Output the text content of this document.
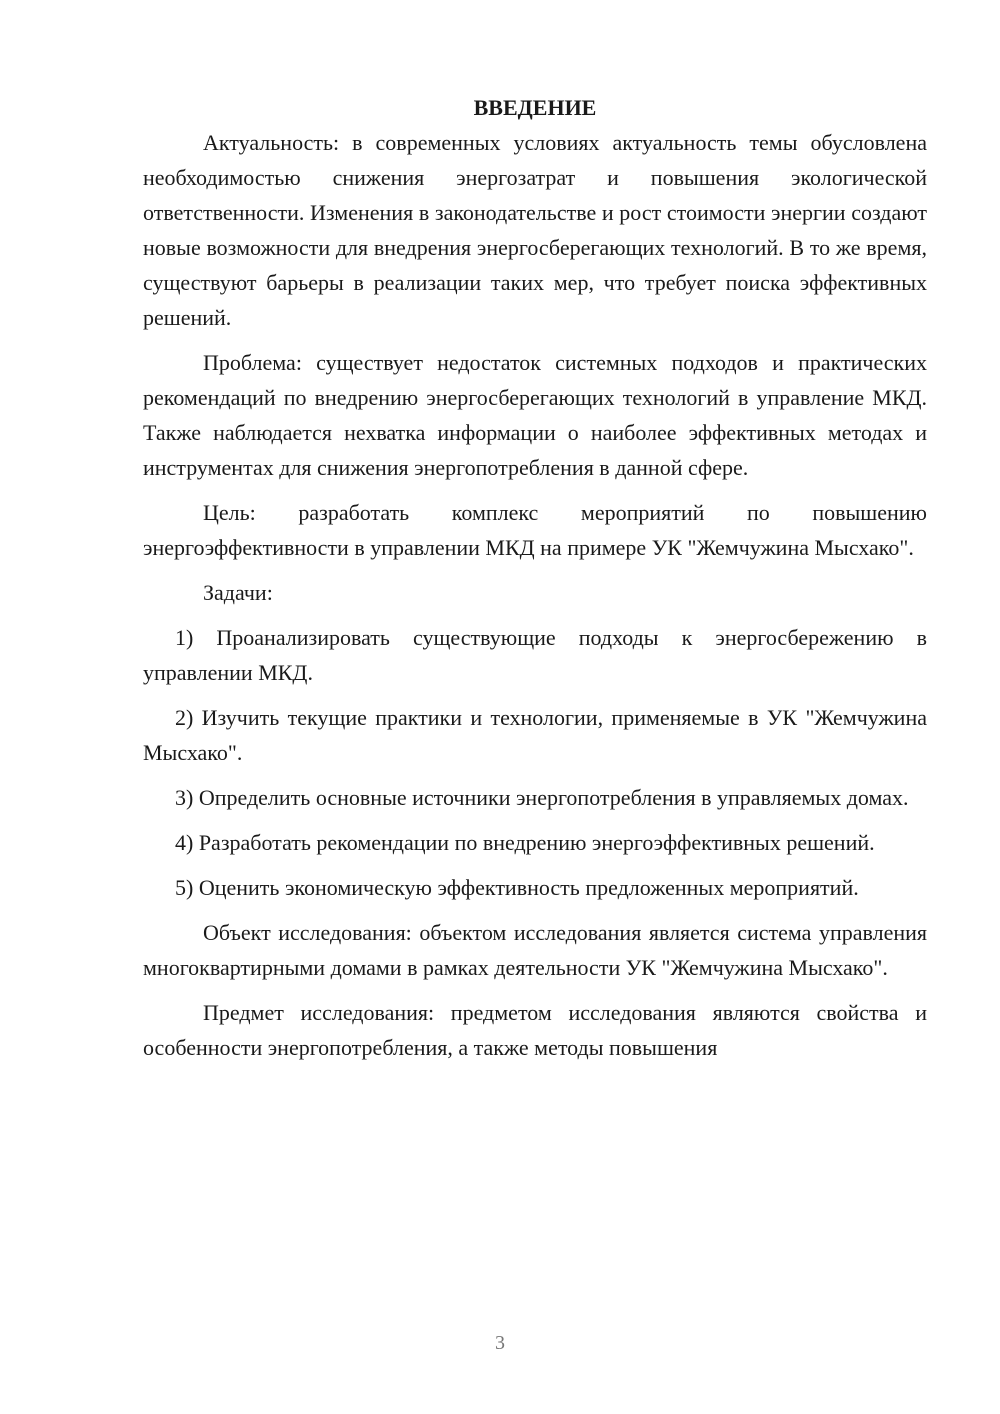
ВВЕДЕНИЕ

Актуальность: в современных условиях актуальность темы обусловлена необходимостью снижения энергозатрат и повышения экологической ответственности. Изменения в законодательстве и рост стоимости энергии создают новые возможности для внедрения энергосберегающих технологий. В то же время, существуют барьеры в реализации таких мер, что требует поиска эффективных решений.

Проблема: существует недостаток системных подходов и практических рекомендаций по внедрению энергосберегающих технологий в управление МКД. Также наблюдается нехватка информации о наиболее эффективных методах и инструментах для снижения энергопотребления в данной сфере.

Цель: разработать комплекс мероприятий по повышению энергоэффективности в управлении МКД на примере УК "Жемчужина Мысхако".

Задачи:

1) Проанализировать существующие подходы к энергосбережению в управлении МКД.

2) Изучить текущие практики и технологии, применяемые в УК "Жемчужина Мысхако".

3) Определить основные источники энергопотребления в управляемых домах.

4) Разработать рекомендации по внедрению энергоэффективных решений.

5) Оценить экономическую эффективность предложенных мероприятий.

Объект исследования: объектом исследования является система управления многоквартирными домами в рамках деятельности УК "Жемчужина Мысхако".

Предмет исследования: предметом исследования являются свойства и особенности энергопотребления, а также методы повышения

3
